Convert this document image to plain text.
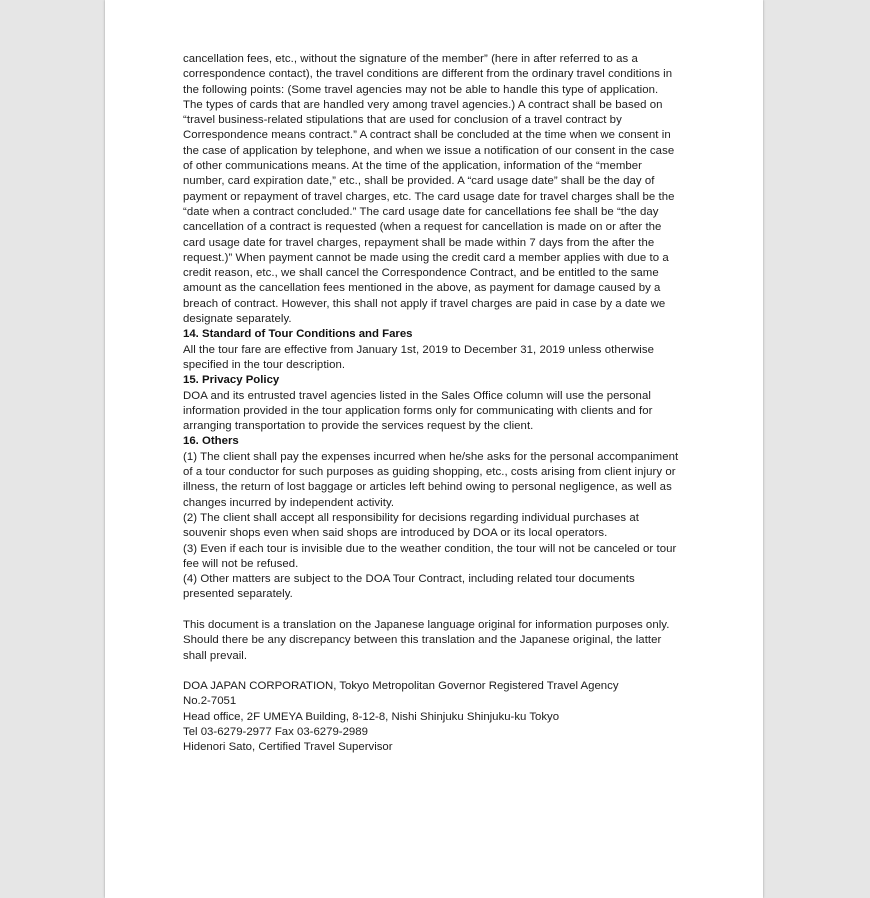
cancellation fees, etc., without the signature of the member” (here in after referred to as a correspondence contact), the travel conditions are different from the ordinary travel conditions in the following points: (Some travel agencies may not be able to handle this type of application. The types of cards that are handled very among travel agencies.) A contract shall be based on “travel business-related stipulations that are used for conclusion of a travel contract by Correspondence means contract.” A contract shall be concluded at the time when we consent in the case of application by telephone, and when we issue a notification of our consent in the case of other communications means. At the time of the application, information of the “member number, card expiration date,” etc., shall be provided. A “card usage date” shall be the day of payment or repayment of travel charges, etc. The card usage date for travel charges shall be the “date when a contract concluded.” The card usage date for cancellations fee shall be “the day cancellation of a contract is requested (when a request for cancellation is made on or after the card usage date for travel charges, repayment shall be made within 7 days from the after the request.)” When payment cannot be made using the credit card a member applies with due to a credit reason, etc., we shall cancel the Correspondence Contract, and be entitled to the same amount as the cancellation fees mentioned in the above, as payment for damage caused by a breach of contract. However, this shall not apply if travel charges are paid in case by a date we designate separately.

14. Standard of Tour Conditions and Fares

All the tour fare are effective from January 1st, 2019 to December 31, 2019 unless otherwise specified in the tour description.

15. Privacy Policy

DOA and its entrusted travel agencies listed in the Sales Office column will use the personal information provided in the tour application forms only for communicating with clients and for arranging transportation to provide the services request by the client.

16. Others

(1) The client shall pay the expenses incurred when he/she asks for the personal accompaniment of a tour conductor for such purposes as guiding shopping, etc., costs arising from client injury or illness, the return of lost baggage or articles left behind owing to personal negligence, as well as changes incurred by independent activity.

(2) The client shall accept all responsibility for decisions regarding individual purchases at souvenir shops even when said shops are introduced by DOA or its local operators.

(3) Even if each tour is invisible due to the weather condition, the tour will not be canceled or tour fee will not be refused.

(4) Other matters are subject to the DOA Tour Contract, including related tour documents presented separately.

This document is a translation on the Japanese language original for information purposes only. Should there be any discrepancy between this translation and the Japanese original, the latter shall prevail.

DOA JAPAN CORPORATION, Tokyo Metropolitan Governor Registered Travel Agency

No.2-7051

Head office, 2F UMEYA Building, 8-12-8, Nishi Shinjuku Shinjuku-ku Tokyo

Tel 03-6279-2977 Fax 03-6279-2989

Hidenori Sato, Certified Travel Supervisor
